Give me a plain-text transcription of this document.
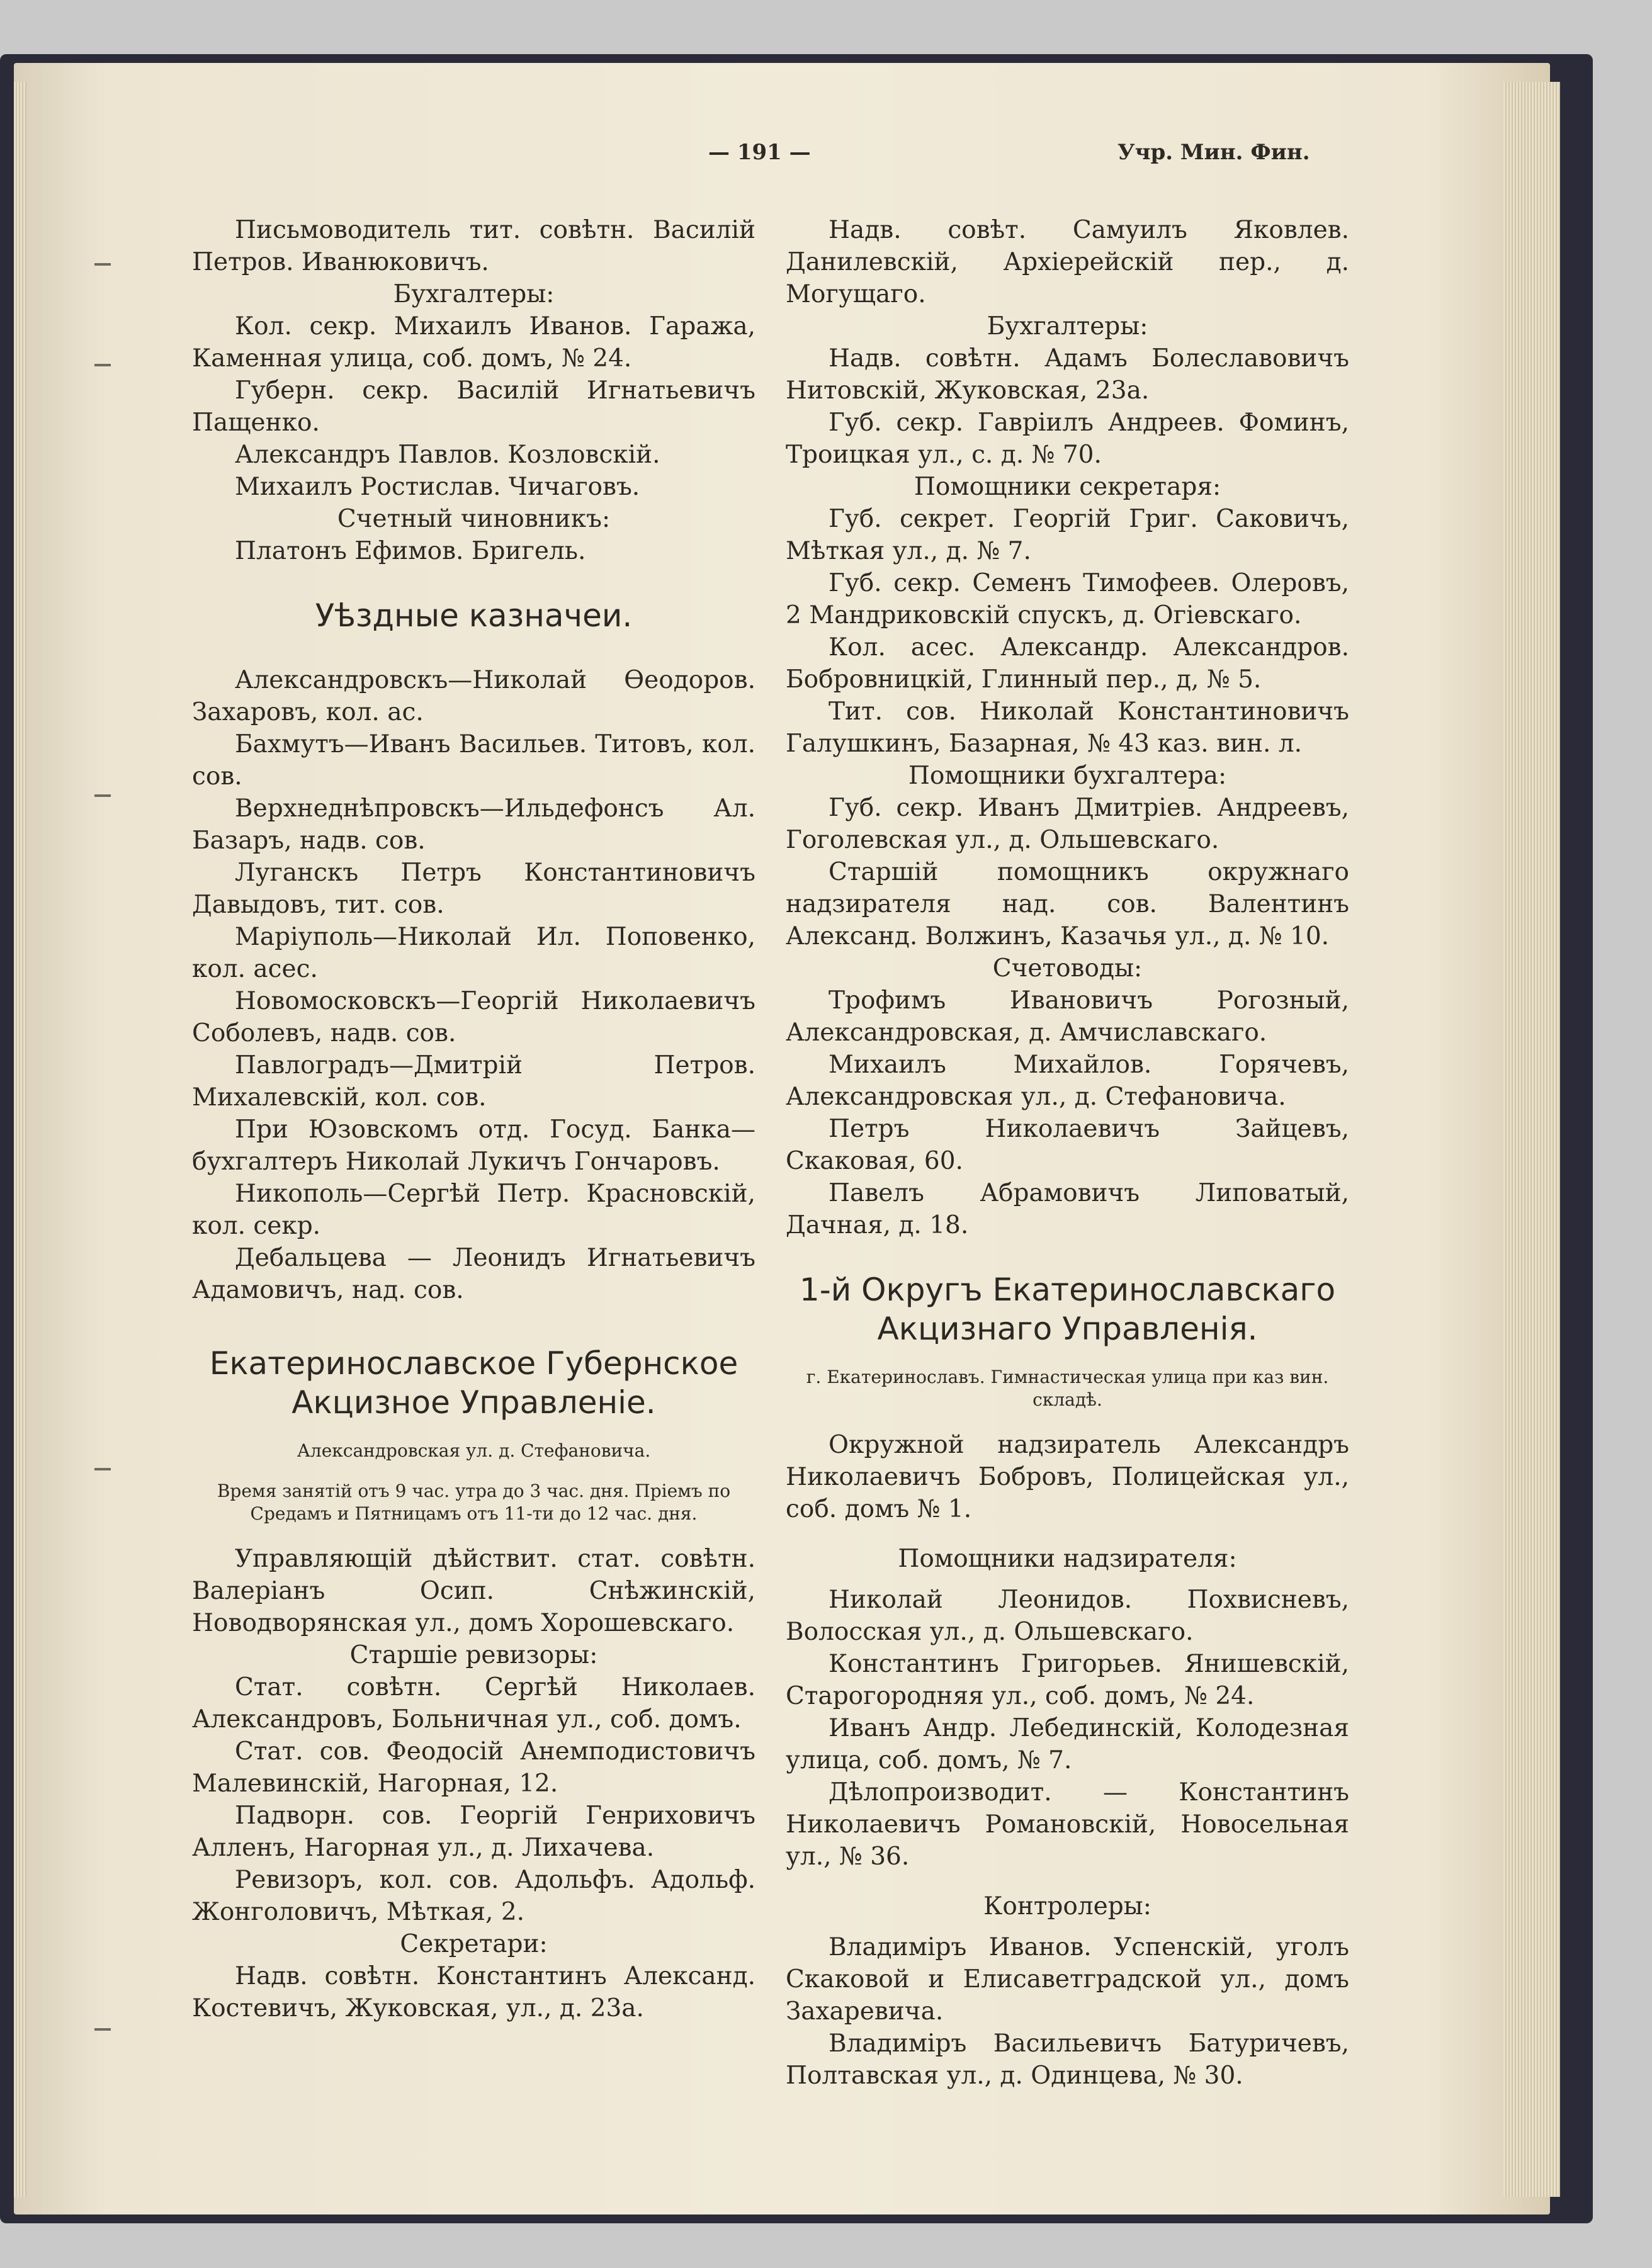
— 191 —	Учр. Мин. Фин.

Письмоводитель тит. совѣтн. Василій Петров. Иванюковичъ.

Бухгалтеры:

Кол. секр. Михаилъ Иванов. Гаража, Каменная улица, соб. домъ, № 24.

Губерн. секр. Василій Игнатьевичъ Пащенко.

Александръ Павлов. Козловскій.

Михаилъ Ростислав. Чичаговъ.

Счетный чиновникъ:

Платонъ Ефимов. Бригель.

Уѣздные казначеи.

Александровскъ—Николай Өеодоров. Захаровъ, кол. ас.

Бахмутъ—Иванъ Васильев. Титовъ, кол. сов.

Верхнеднѣпровскъ—Ильдефонсъ Ал. Базаръ, надв. сов.

Луганскъ Петръ Константиновичъ Давыдовъ, тит. сов.

Маріуполь—Николай Ил. Поповенко, кол. асес.

Новомосковскъ—Георгій Николаевичъ Соболевъ, надв. сов.

Павлоградъ—Дмитрій Петров. Михалевскій, кол. сов.

При Юзовскомъ отд. Госуд. Банка—бухгалтеръ Николай Лукичъ Гончаровъ.

Никополь—Сергѣй Петр. Красновскій, кол. секр.

Дебальцева — Леонидъ Игнатьевичъ Адамовичъ, над. сов.

Екатеринославское Губернское Акцизное Управленіе.

Александровская ул. д. Стефановича.

Время занятій отъ 9 час. утра до 3 час. дня. Пріемъ по Средамъ и Пятницамъ отъ 11-ти до 12 час. дня.

Управляющій дѣйствит. стат. совѣтн. Валеріанъ Осип. Снѣжинскій, Новодворянская ул., домъ Хорошевскаго.

Старшіе ревизоры:

Стат. совѣтн. Сергѣй Николаев. Александровъ, Больничная ул., соб. домъ.

Стат. сов. Феодосій Анемподистовичъ Малевинскій, Нагорная, 12.

Падворн. сов. Георгій Генриховичъ Алленъ, Нагорная ул., д. Лихачева.

Ревизоръ, кол. сов. Адольфъ. Адольф. Жонголовичъ, Мѣткая, 2.

Секретари:

Надв. совѣтн. Константинъ Александ. Костевичъ, Жуковская, ул., д. 23а.

Надв. совѣт. Самуилъ Яковлев. Данилевскій, Архіерейскій пер., д. Могущаго.

Бухгалтеры:

Надв. совѣтн. Адамъ Болеславовичъ Нитовскій, Жуковская, 23а.

Губ. секр. Гавріилъ Андреев. Фоминъ, Троицкая ул., с. д. № 70.

Помощники секретаря:

Губ. секрет. Георгій Григ. Саковичъ, Мѣткая ул., д. № 7.

Губ. секр. Семенъ Тимофеев. Олеровъ, 2 Мандриковскій спускъ, д. Огіевскаго.

Кол. асес. Александр. Александров. Бобровницкій, Глинный пер., д, № 5.

Тит. сов. Николай Константиновичъ Галушкинъ, Базарная, № 43 каз. вин. л.

Помощники бухгалтера:

Губ. секр. Иванъ Дмитріев. Андреевъ, Гоголевская ул., д. Ольшевскаго.

Старшій помощникъ окружнаго надзирателя над. сов. Валентинъ Александ. Волжинъ, Казачья ул., д. № 10.

Счетоводы:

Трофимъ Ивановичъ Рогозный, Александровская, д. Амчиславскаго.

Михаилъ Михайлов. Горячевъ, Александровская ул., д. Стефановича.

Петръ Николаевичъ Зайцевъ, Скаковая, 60.

Павелъ Абрамовичъ Липоватый, Дачная, д. 18.

1-й Округъ Екатеринославскаго Акцизнаго Управленія.

г. Екатеринославъ. Гимнастическая улица при каз вин. складѣ.

Окружной надзиратель Александръ Николаевичъ Бобровъ, Полицейская ул., соб. домъ № 1.

Помощники надзирателя:

Николай Леонидов. Похвисневъ, Волосская ул., д. Ольшевскаго.

Константинъ Григорьев. Янишевскій, Старогородняя ул., соб. домъ, № 24.

Иванъ Андр. Лебединскій, Колодезная улица, соб. домъ, № 7.

Дѣлопроизводит. — Константинъ Николаевичъ Романовскій, Новосельная ул., № 36.

Контролеры:

Владиміръ Иванов. Успенскій, уголъ Скаковой и Елисаветградской ул., домъ Захаревича.

Владиміръ Васильевичъ Батуричевъ, Полтавская ул., д. Одинцева, № 30.
